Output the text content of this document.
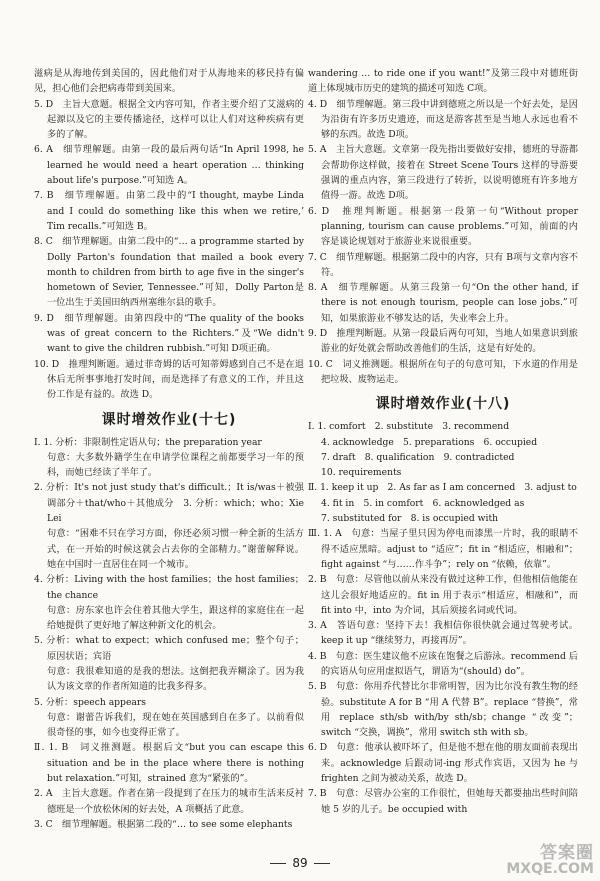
滋病是从海地传到美国的，因此他们对于从海地来的移民持有偏见，担心他们会把病毒带到美国来。

5. D　主旨大意题。根据全文内容可知，作者主要介绍了艾滋病的起源以及它的主要传播途径，这样可以让人们对这种疾病有更多的了解。

6. A　细节理解题。由第一段的最后两句话“In April 1998, he learned he would need a heart operation … thinking about life's purpose.”可知选 A。

7. B　细节理解题。由第二段中的“I thought, maybe Linda and I could do something like this when we retire,’ Tim recalls.”可知选 B。

8. C　细节理解题。由第二段中的“… a programme started by Dolly Parton's foundation that mailed a book every month to children from birth to age five in the singer's hometown of Sevier, Tennessee.”可知，Dolly Parton是一位出生于美国田纳西州塞维尔县的歌手。

9. D　细节理解题。由第四段中的“The quality of the books was of great concern to the Richters.”及“We didn't want to give the children rubbish.”可知 D项正确。

10. D　推理判断题。通过菲奇姆的话可知蒂姆感到自己不是在退休后无所事事地打发时间，而是选择了有意义的工作，并且这份工作是有益的。故选 D。

课时增效作业(十七)

Ⅰ. 1. 分析：非限制性定语从句；the preparation year

句意：大多数外籍学生在申请学位课程之前都要学习一年的预科，而她已经读了半年了。

2. 分析：It's not just study that's difficult.；It is/was＋被强调部分＋that/who＋其他成分　3. 分析：which；who；Xie Lei

句意：“困难不只在学习方面，你还必须习惯一种全新的生活方式，在一开始的时候这就会占去你的全部精力。”谢蕾解释说。她在中国时一直居住在同一个城市。

4. 分析：Living with the host families；the host families；the chance

句意：房东家也许会住着其他大学生，跟这样的家庭住在一起给她提供了更好地了解这种新文化的机会。

5. 分析：what to expect；which confused me；整个句子；原因状语；宾语

句意：我很难知道的是我的想法。这倒把我弄糊涂了。因为我认为该文章的作者所知道的比我多得多。

5. 分析：speech appears

句意：谢蕾告诉我们，现在她在英国感到自在多了。以前看似很奇怪的事，如今也变得正常了。

Ⅱ. 1. B　词义推测题。根据后文“but you can escape this situation and be in the place where there is nothing but relaxation.”可知，strained 意为“紧张的”。

2. A　主旨大意题。作者在第一段提到了在压力的城市生活来反衬德班是一个放松休闲的好去处，A 项概括了此意。

3. C　细节理解题。根据第二段的“… to see some elephants

wandering … to ride one if you want!”及第三段中对德班街道上体现城市历史的建筑的描述可知选 C项。

4. D　细节理解题。第三段中讲到德班之所以是一个好去处，是因为沿街有许多历史遗迹，而这是游客甚至是当地人永远也看不够的东西。故选 D项。

5. A　主旨大意题。文章第一段先指出要做好安排，德班的导游都会帮助你这样做，接着在 Street Scene Tours 这样的导游要强调的重点内容，第三段进行了转折，以说明德班有许多地方值得一游。故选 D项。

6. D　推理判断题。根据第一段第一句“Without proper planning, tourism can cause problems.”可知，前面的内容是谈论规划对于旅游业来说很重要。

7. C　细节理解题。根据第二段中的内容，只有 B项与文章内容不符。

8. A　细节理解题。从第三段第一句“On the other hand, if there is not enough tourism, people can lose jobs.”可知，如果旅游业不够发达的话，失业率会上升。

9. D　推理判断题。从第一段最后两句可知，当地人如果意识到旅游业的好处就会帮助改善他们的生活，这是有好处的。

10. C　词义推测题。根据所在句子的句意可知，下水道的作用是把垃圾、废物运走。

课时增效作业(十八)

Ⅰ. 1. comfort　2. substitute　3. recommend

4. acknowledge　5. preparations　6. occupied

7. draft　8. qualification　9. contradicted

10. requirements

Ⅱ. 1. keep it up　2. As far as I am concerned　3. adjust to

4. fit in　5. in comfort　6. acknowledged as

7. substituted for　8. is occupied with

Ⅲ. 1. A　句意：当屋子里只因为停电而漆黑一片时，我的眼睛不得不适应黑暗。adjust to “适应”；fit in “相适应，相融和”；fight against “与……作斗争”；rely on “依赖，依靠”。

2. B　句意：尽管他以前从来没有做过这种工作，但他相信他能在这儿会很好地适应的。fit in 用于表示“相适应，相融和”，而 fit into 中，into 为介词，其后须接名词或代词。

3. A　答语句意：坚持下去！我相信你很快就会通过驾驶考试。keep it up “继续努力，再接再厉”。

4. B　句意：医生建议他不应该在饱餐之后游泳。recommend 后的宾语从句应用虚拟语气，谓语为“(should) do”。

5. B　句意：你用乔代替比尔非常明智，因为比尔没有教生物的经验。substitute A for B “用 A 代替 B”。replace “替换”，常用 replace sth/sb with/by sth/sb；change “改变”；switch “交换，调换”，常用 switch sth with sb。

6. D　句意：他承认被吓坏了，但是他不想在他的朋友面前表现出来。acknowledge 后跟动词-ing 形式作宾语，又因为 he 与 frighten 之间为被动关系，故选 D。

7. B　句意：尽管办公室的工作很忙，但她每天都要抽出些时间陪她 5 岁的儿子。be occupied with

89	答案圈
MXQE.COM
